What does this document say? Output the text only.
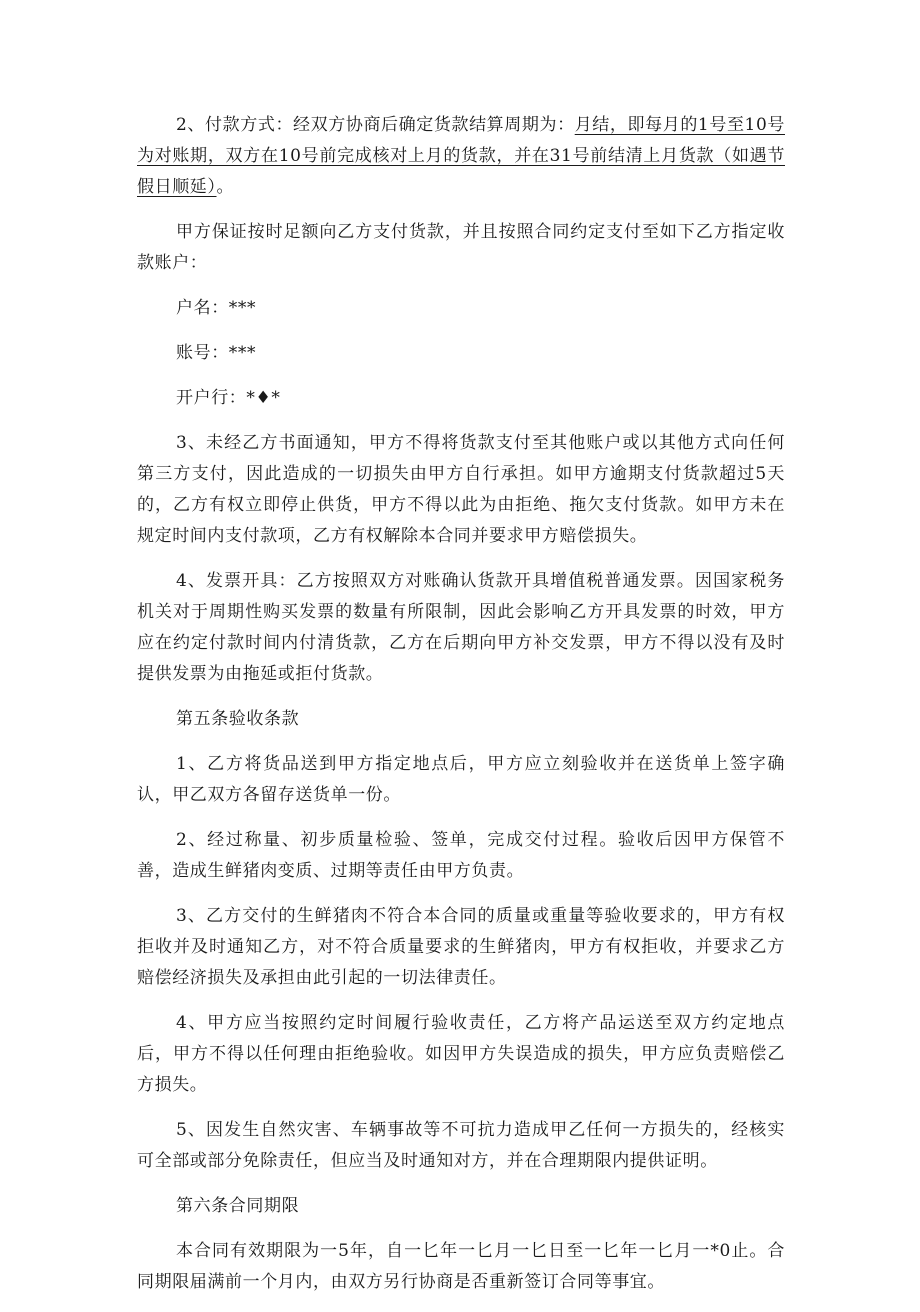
2、付款方式：经双方协商后确定货款结算周期为：月结，即每月的1号至10号为对账期，双方在10号前完成核对上月的货款，并在31号前结清上月货款（如遇节假日顺延）。

甲方保证按时足额向乙方支付货款，并且按照合同约定支付至如下乙方指定收款账户：

户名：***

账号：***

开户行：*♦*

3、未经乙方书面通知，甲方不得将货款支付至其他账户或以其他方式向任何第三方支付，因此造成的一切损失由甲方自行承担。如甲方逾期支付货款超过5天的，乙方有权立即停止供货，甲方不得以此为由拒绝、拖欠支付货款。如甲方未在规定时间内支付款项，乙方有权解除本合同并要求甲方赔偿损失。

4、发票开具：乙方按照双方对账确认货款开具增值税普通发票。因国家税务机关对于周期性购买发票的数量有所限制，因此会影响乙方开具发票的时效，甲方应在约定付款时间内付清货款，乙方在后期向甲方补交发票，甲方不得以没有及时提供发票为由拖延或拒付货款。

第五条验收条款

1、乙方将货品送到甲方指定地点后，甲方应立刻验收并在送货单上签字确认，甲乙双方各留存送货单一份。

2、经过称量、初步质量检验、签单，完成交付过程。验收后因甲方保管不善，造成生鲜猪肉变质、过期等责任由甲方负责。

3、乙方交付的生鲜猪肉不符合本合同的质量或重量等验收要求的，甲方有权拒收并及时通知乙方，对不符合质量要求的生鲜猪肉，甲方有权拒收，并要求乙方赔偿经济损失及承担由此引起的一切法律责任。

4、甲方应当按照约定时间履行验收责任，乙方将产品运送至双方约定地点后，甲方不得以任何理由拒绝验收。如因甲方失误造成的损失，甲方应负责赔偿乙方损失。

5、因发生自然灾害、车辆事故等不可抗力造成甲乙任何一方损失的，经核实可全部或部分免除责任，但应当及时通知对方，并在合理期限内提供证明。

第六条合同期限

本合同有效期限为一5年，自一匕年一匕月一匕日至一匕年一匕月一*0止。合同期限届满前一个月内，由双方另行协商是否重新签订合同等事宜。
